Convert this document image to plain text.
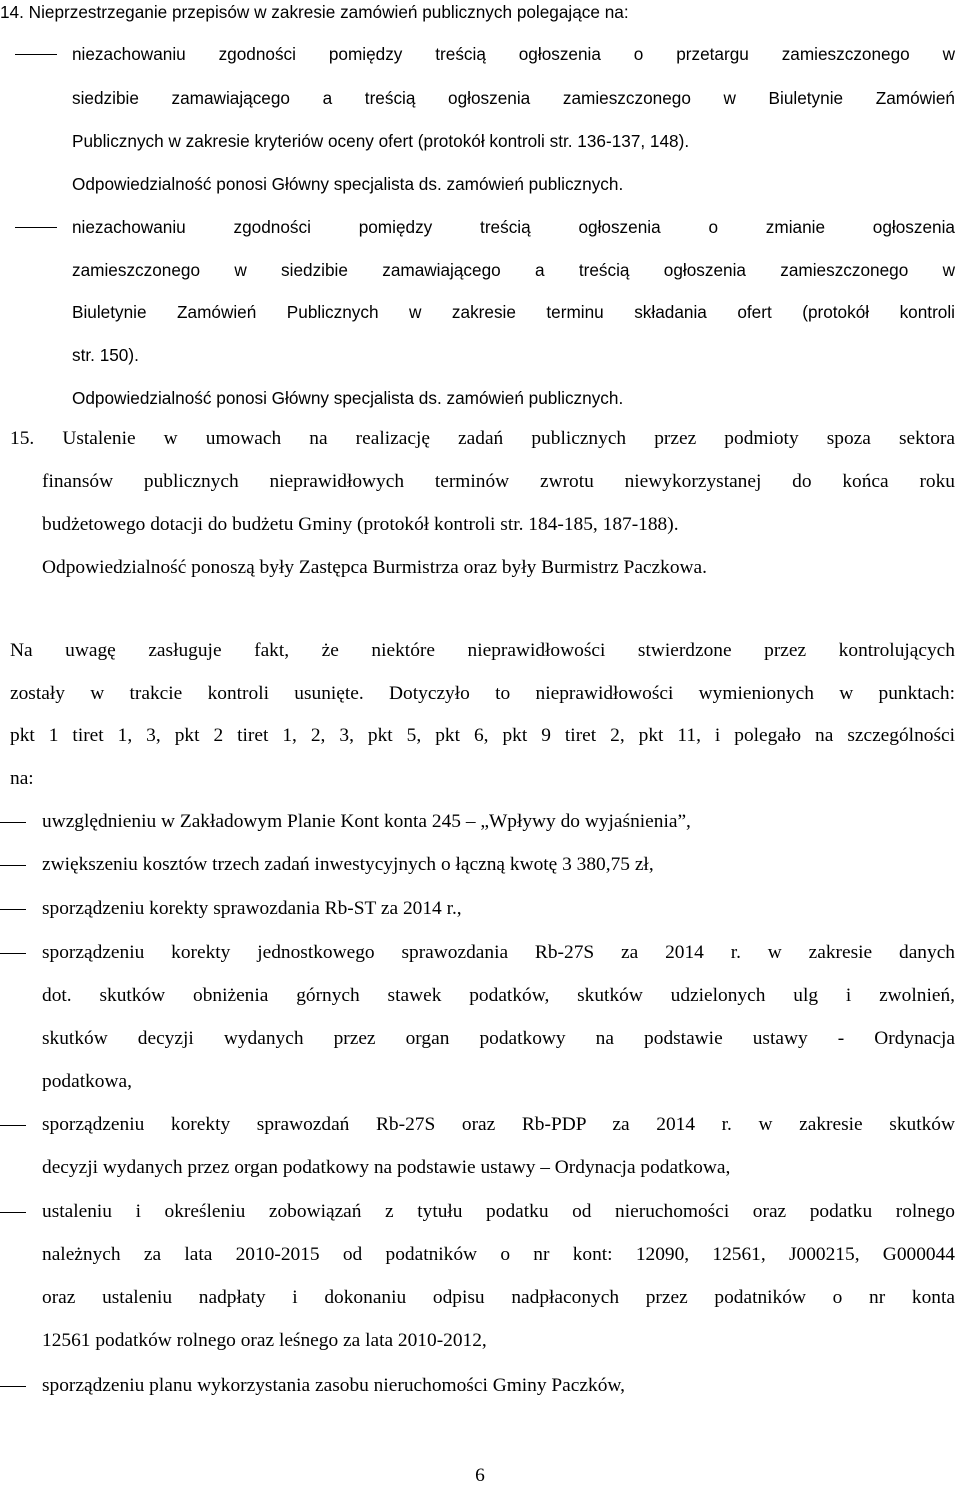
14. Nieprzestrzeganie przepisów w zakresie zamówień publicznych polegające na:
niezachowaniu zgodności pomiędzy treścią ogłoszenia o przetargu zamieszczonego w
siedzibie zamawiającego a treścią ogłoszenia zamieszczonego w Biuletynie Zamówień
Publicznych w zakresie kryteriów oceny ofert (protokół kontroli str. 136-137, 148).
Odpowiedzialność ponosi Główny specjalista ds. zamówień publicznych.
niezachowaniu zgodności pomiędzy treścią ogłoszenia o zmianie ogłoszenia
zamieszczonego w siedzibie zamawiającego a treścią ogłoszenia zamieszczonego w
Biuletynie Zamówień Publicznych w zakresie terminu składania ofert (protokół kontroli
str. 150).
Odpowiedzialność ponosi Główny specjalista ds. zamówień publicznych.
15. Ustalenie w umowach na realizację zadań publicznych przez podmioty spoza sektora
finansów publicznych nieprawidłowych terminów zwrotu niewykorzystanej do końca roku
budżetowego dotacji do budżetu Gminy (protokół kontroli str. 184-185, 187-188).
Odpowiedzialność ponoszą były Zastępca Burmistrza oraz były Burmistrz Paczkowa.
Na uwagę zasługuje fakt, że niektóre nieprawidłowości stwierdzone przez kontrolujących
zostały w trakcie kontroli usunięte. Dotyczyło to nieprawidłowości wymienionych w punktach:
pkt 1 tiret 1, 3, pkt 2 tiret 1, 2, 3, pkt 5, pkt 6, pkt 9 tiret 2, pkt 11, i polegało na szczególności
na:
uwzględnieniu w Zakładowym Planie Kont konta 245 – „Wpływy do wyjaśnienia”,
zwiększeniu kosztów trzech zadań inwestycyjnych o łączną kwotę 3 380,75 zł,
sporządzeniu korekty sprawozdania Rb-ST za 2014 r.,
sporządzeniu korekty jednostkowego sprawozdania Rb-27S za 2014 r. w zakresie danych
dot. skutków obniżenia górnych stawek podatków, skutków udzielonych ulg i zwolnień,
skutków decyzji wydanych przez organ podatkowy na podstawie ustawy - Ordynacja
podatkowa,
sporządzeniu korekty sprawozdań Rb-27S oraz Rb-PDP za 2014 r. w zakresie skutków
decyzji wydanych przez organ podatkowy na podstawie ustawy – Ordynacja podatkowa,
ustaleniu i określeniu zobowiązań z tytułu podatku od nieruchomości oraz podatku rolnego
należnych za lata 2010-2015 od podatników o nr kont: 12090, 12561, J000215, G000044
oraz ustaleniu nadpłaty i dokonaniu odpisu nadpłaconych przez podatników o nr konta
12561 podatków rolnego oraz leśnego za lata 2010-2012,
sporządzeniu planu wykorzystania zasobu nieruchomości Gminy Paczków,
6
